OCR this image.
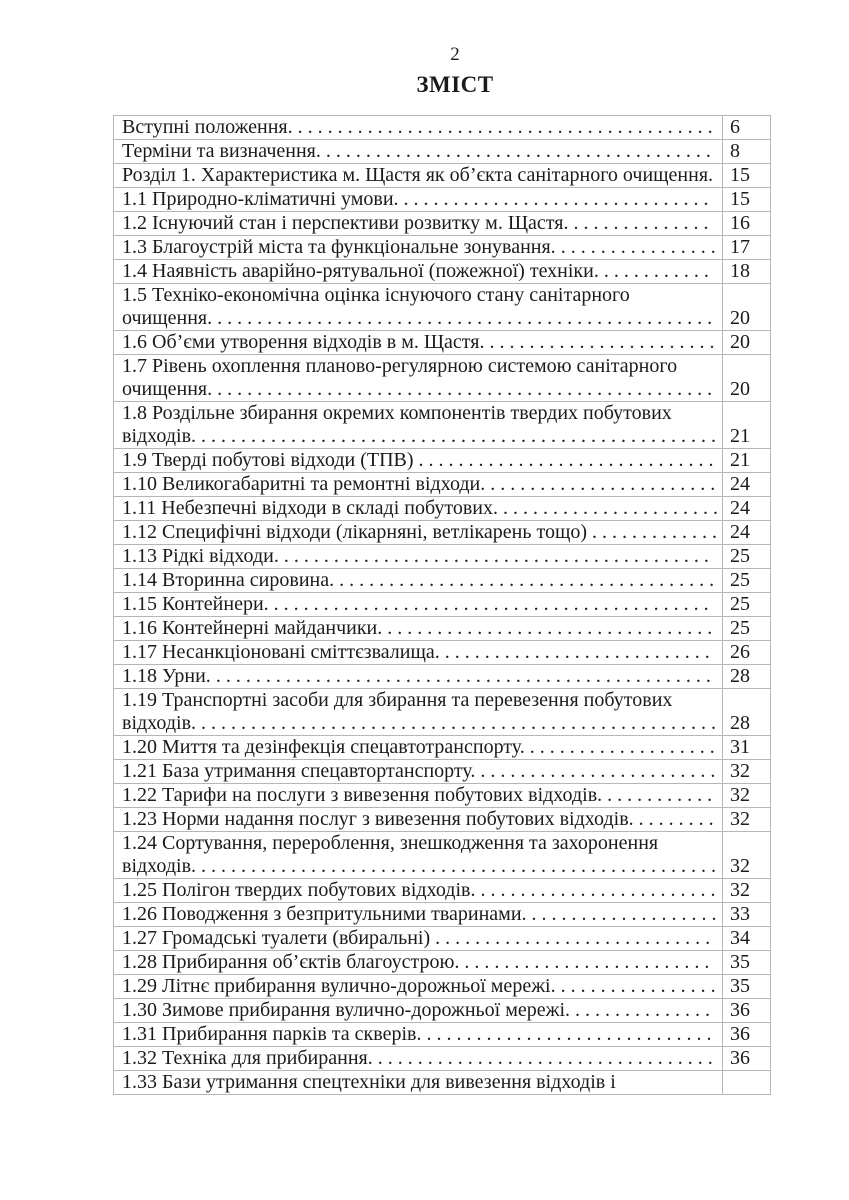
2
ЗМІСТ
Вступні положення. . . . . . . . . . . . . . . . . . . . . . . . . . . . . . . . . . . . . . . . . . .	6
Терміни та визначення. . . . . . . . . . . . . . . . . . . . . . . . . . . . . . . . . . . . . . . .	8
Розділ 1. Характеристика м. Щастя як об’єкта санітарного очищення.	15
1.1 Природно-кліматичні умови. . . . . . . . . . . . . . . . . . . . . . . . . . . . . . . .	15
1.2 Існуючий стан і перспективи розвитку м. Щастя. . . . . . . . . . . . . . .	16
1.3 Благоустрій міста та функціональне зонування. . . . . . . . . . . . . . . . .	17
1.4 Наявність аварійно-рятувальної (пожежної) техніки. . . . . . . . . . . .	18
1.5 Техніко-економічна оцінка існуючого стану санітарного очищення. . . . . . . . . . . . . . . . . . . . . . . . . . . . . . . . . . . . . . . . . . . . . . . . . . .	20
1.6 Об’єми утворення відходів в м. Щастя. . . . . . . . . . . . . . . . . . . . . . . .	20
1.7 Рівень охоплення планово-регулярною системою санітарного очищення. . . . . . . . . . . . . . . . . . . . . . . . . . . . . . . . . . . . . . . . . . . . . . . . . . .	20
1.8 Роздільне збирання окремих компонентів твердих побутових відходів. . . . . . . . . . . . . . . . . . . . . . . . . . . . . . . . . . . . . . . . . . . . . . . . . . . . .	21
1.9 Тверді побутові відходи (ТПВ) . . . . . . . . . . . . . . . . . . . . . . . . . . . . . .	21
1.10 Великогабаритні та ремонтні відходи. . . . . . . . . . . . . . . . . . . . . . . .	24
1.11 Небезпечні відходи в складі побутових. . . . . . . . . . . . . . . . . . . . . . .	24
1.12 Специфічні відходи (лікарняні, ветлікарень тощо) . . . . . . . . . . . . .	24
1.13 Рідкі відходи. . . . . . . . . . . . . . . . . . . . . . . . . . . . . . . . . . . . . . . . . . . .	25
1.14 Вторинна сировина. . . . . . . . . . . . . . . . . . . . . . . . . . . . . . . . . . . . . . .	25
1.15 Контейнери. . . . . . . . . . . . . . . . . . . . . . . . . . . . . . . . . . . . . . . . . . . . .	25
1.16 Контейнерні майданчики. . . . . . . . . . . . . . . . . . . . . . . . . . . . . . . . . .	25
1.17 Несанкціоновані сміттєзвалища. . . . . . . . . . . . . . . . . . . . . . . . . . . .	26
1.18 Урни. . . . . . . . . . . . . . . . . . . . . . . . . . . . . . . . . . . . . . . . . . . . . . . . . . .	28
1.19 Транспортні засоби для збирання та перевезення побутових відходів. . . . . . . . . . . . . . . . . . . . . . . . . . . . . . . . . . . . . . . . . . . . . . . . . . . . .	28
1.20 Миття та дезінфекція спецавтотранспорту. . . . . . . . . . . . . . . . . . . .	31
1.21 База утримання спецавтортанспорту. . . . . . . . . . . . . . . . . . . . . . . . .	32
1.22 Тарифи на послуги з вивезення побутових відходів. . . . . . . . . . . .	32
1.23 Норми надання послуг з вивезення побутових відходів. . . . . . . . .	32
1.24 Сортування, перероблення, знешкодження та захоронення відходів. . . . . . . . . . . . . . . . . . . . . . . . . . . . . . . . . . . . . . . . . . . . . . . . . . . . .	32
1.25 Полігон твердих побутових відходів. . . . . . . . . . . . . . . . . . . . . . . . .	32
1.26 Поводження з безпритульними тваринами. . . . . . . . . . . . . . . . . . . .	33
1.27 Громадські туалети (вбиральні) . . . . . . . . . . . . . . . . . . . . . . . . . . . .	34
1.28 Прибирання об’єктів благоустрою. . . . . . . . . . . . . . . . . . . . . . . . . .	35
1.29 Літнє прибирання вулично-дорожньої мережі. . . . . . . . . . . . . . . . .	35
1.30 Зимове прибирання вулично-дорожньої мережі. . . . . . . . . . . . . . .	36
1.31 Прибирання парків та скверів. . . . . . . . . . . . . . . . . . . . . . . . . . . . . .	36
1.32 Техніка для прибирання. . . . . . . . . . . . . . . . . . . . . . . . . . . . . . . . . . .	36
1.33 Бази утримання спецтехніки для вивезення відходів і	
